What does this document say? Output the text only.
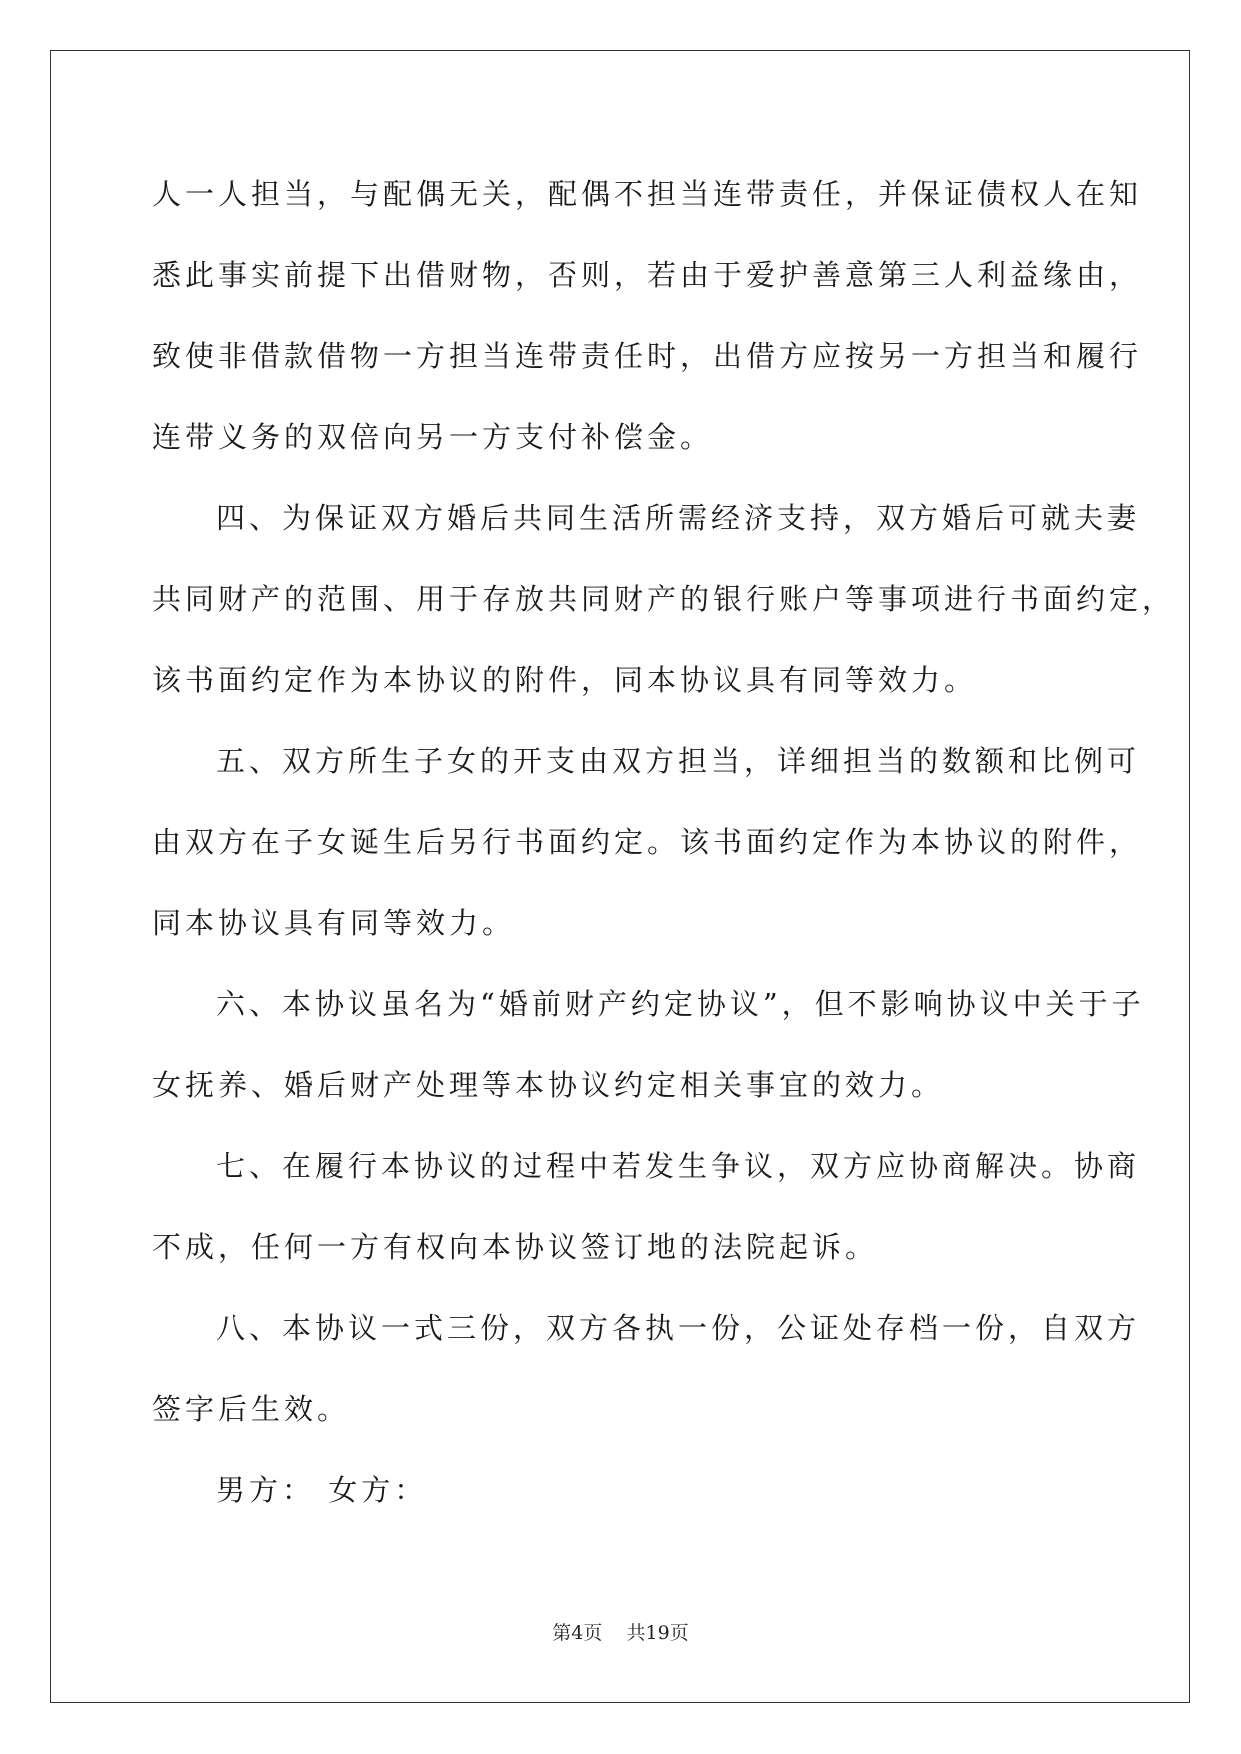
人一人担当，与配偶无关，配偶不担当连带责任，并保证债权人在知
悉此事实前提下出借财物，否则，若由于爱护善意第三人利益缘由，
致使非借款借物一方担当连带责任时，出借方应按另一方担当和履行
连带义务的双倍向另一方支付补偿金。
四、为保证双方婚后共同生活所需经济支持，双方婚后可就夫妻
共同财产的范围、用于存放共同财产的银行账户等事项进行书面约定，
该书面约定作为本协议的附件，同本协议具有同等效力。
五、双方所生子女的开支由双方担当，详细担当的数额和比例可
由双方在子女诞生后另行书面约定。该书面约定作为本协议的附件，
同本协议具有同等效力。
六、本协议虽名为“婚前财产约定协议”，但不影响协议中关于子
女抚养、婚后财产处理等本协议约定相关事宜的效力。
七、在履行本协议的过程中若发生争议，双方应协商解决。协商
不成，任何一方有权向本协议签订地的法院起诉。
八、本协议一式三份，双方各执一份，公证处存档一份，自双方
签字后生效。
男方： 女方：
第4页 共19页
